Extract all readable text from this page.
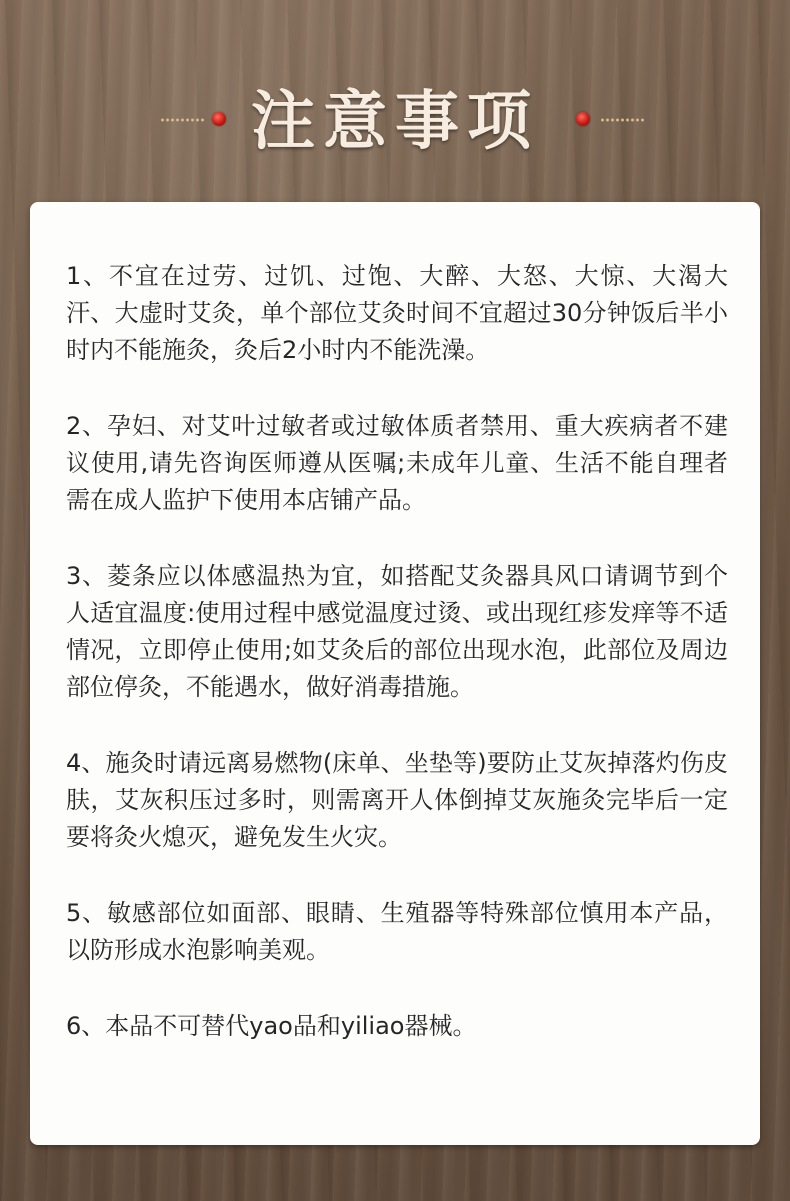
注意事项
1、不宜在过劳、过饥、过饱、大醉、大怒、大惊、大渴大汗、大虚时艾灸，单个部位艾灸时间不宜超过30分钟饭后半小时内不能施灸，灸后2小时内不能洗澡。
2、孕妇、对艾叶过敏者或过敏体质者禁用、重大疾病者不建议使用,请先咨询医师遵从医嘱;未成年儿童、生活不能自理者需在成人监护下使用本店铺产品。
3、菱条应以体感温热为宜，如搭配艾灸器具风口请调节到个人适宜温度:使用过程中感觉温度过烫、或出现红疹发痒等不适情况，立即停止使用;如艾灸后的部位出现水泡，此部位及周边部位停灸，不能遇水，做好消毒措施。
4、施灸时请远离易燃物(床单、坐垫等)要防止艾灰掉落灼伤皮肤，艾灰积压过多时，则需离开人体倒掉艾灰施灸完毕后一定要将灸火熄灭，避免发生火灾。
5、敏感部位如面部、眼睛、生殖器等特殊部位慎用本产品，以防形成水泡影响美观。
6、本品不可替代yao品和yiliao器械。
